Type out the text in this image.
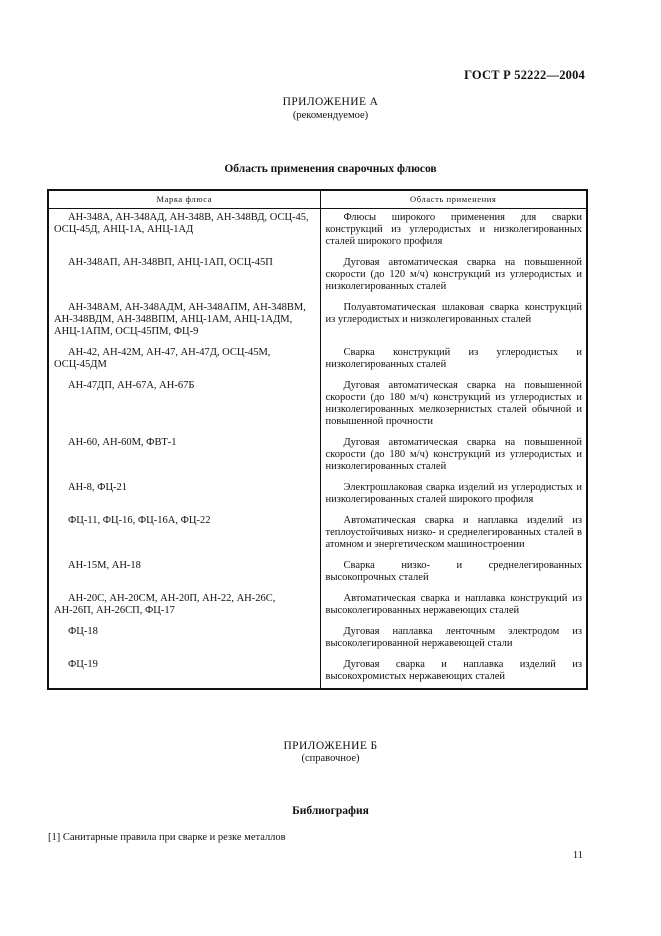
ГОСТ Р 52222—2004
ПРИЛОЖЕНИЕ А
(рекомендуемое)
Область применения сварочных флюсов
Марка флюса	Область применения
АН-348А, АН-348АД, АН-348В, АН-348ВД, ОСЦ-45, ОСЦ-45Д, АНЦ-1А, АНЦ-1АД	Флюсы широкого применения для сварки конструкций из углеродистых и низколегированных сталей широкого профиля
АН-348АП, АН-348ВП, АНЦ-1АП, ОСЦ-45П	Дуговая автоматическая сварка на повышенной скорости (до 120 м/ч) конструкций из углеродистых и низколегированных сталей
АН-348АМ, АН-348АДМ, АН-348АПМ, АН-348ВМ, АН-348ВДМ, АН-348ВПМ, АНЦ-1АМ, АНЦ-1АДМ, АНЦ-1АПМ, ОСЦ-45ПМ, ФЦ-9	Полуавтоматическая шлаковая сварка конструкций из углеродистых и низколегированных сталей
АН-42, АН-42М, АН-47, АН-47Д, ОСЦ-45М, ОСЦ-45ДМ	Сварка конструкций из углеродистых и низколегированных сталей
АН-47ДП, АН-67А, АН-67Б	Дуговая автоматическая сварка на повышенной скорости (до 180 м/ч) конструкций из углеродистых и низколегированных мелкозернистых сталей обычной и повышенной прочности
АН-60, АН-60М, ФВТ-1	Дуговая автоматическая сварка на повышенной скорости (до 180 м/ч) конструкций из углеродистых и низколегированных сталей
АН-8, ФЦ-21	Электрошлаковая сварка изделий из углеродистых и низколегированных сталей широкого профиля
ФЦ-11, ФЦ-16, ФЦ-16А, ФЦ-22	Автоматическая сварка и наплавка изделий из теплоустойчивых низко- и среднелегированных сталей в атомном и энергетическом машиностроении
АН-15М, АН-18	Сварка низко- и среднелегированных высокопрочных сталей
АН-20С, АН-20СМ, АН-20П, АН-22, АН-26С, АН-26П, АН-26СП, ФЦ-17	Автоматическая сварка и наплавка конструкций из высоколегированных нержавеющих сталей
ФЦ-18	Дуговая наплавка ленточным электродом из высоколегированной нержавеющей стали
ФЦ-19	Дуговая сварка и наплавка изделий из высокохромистых нержавеющих сталей
ПРИЛОЖЕНИЕ Б
(справочное)
Библиография
[1] Санитарные правила при сварке и резке металлов
11
